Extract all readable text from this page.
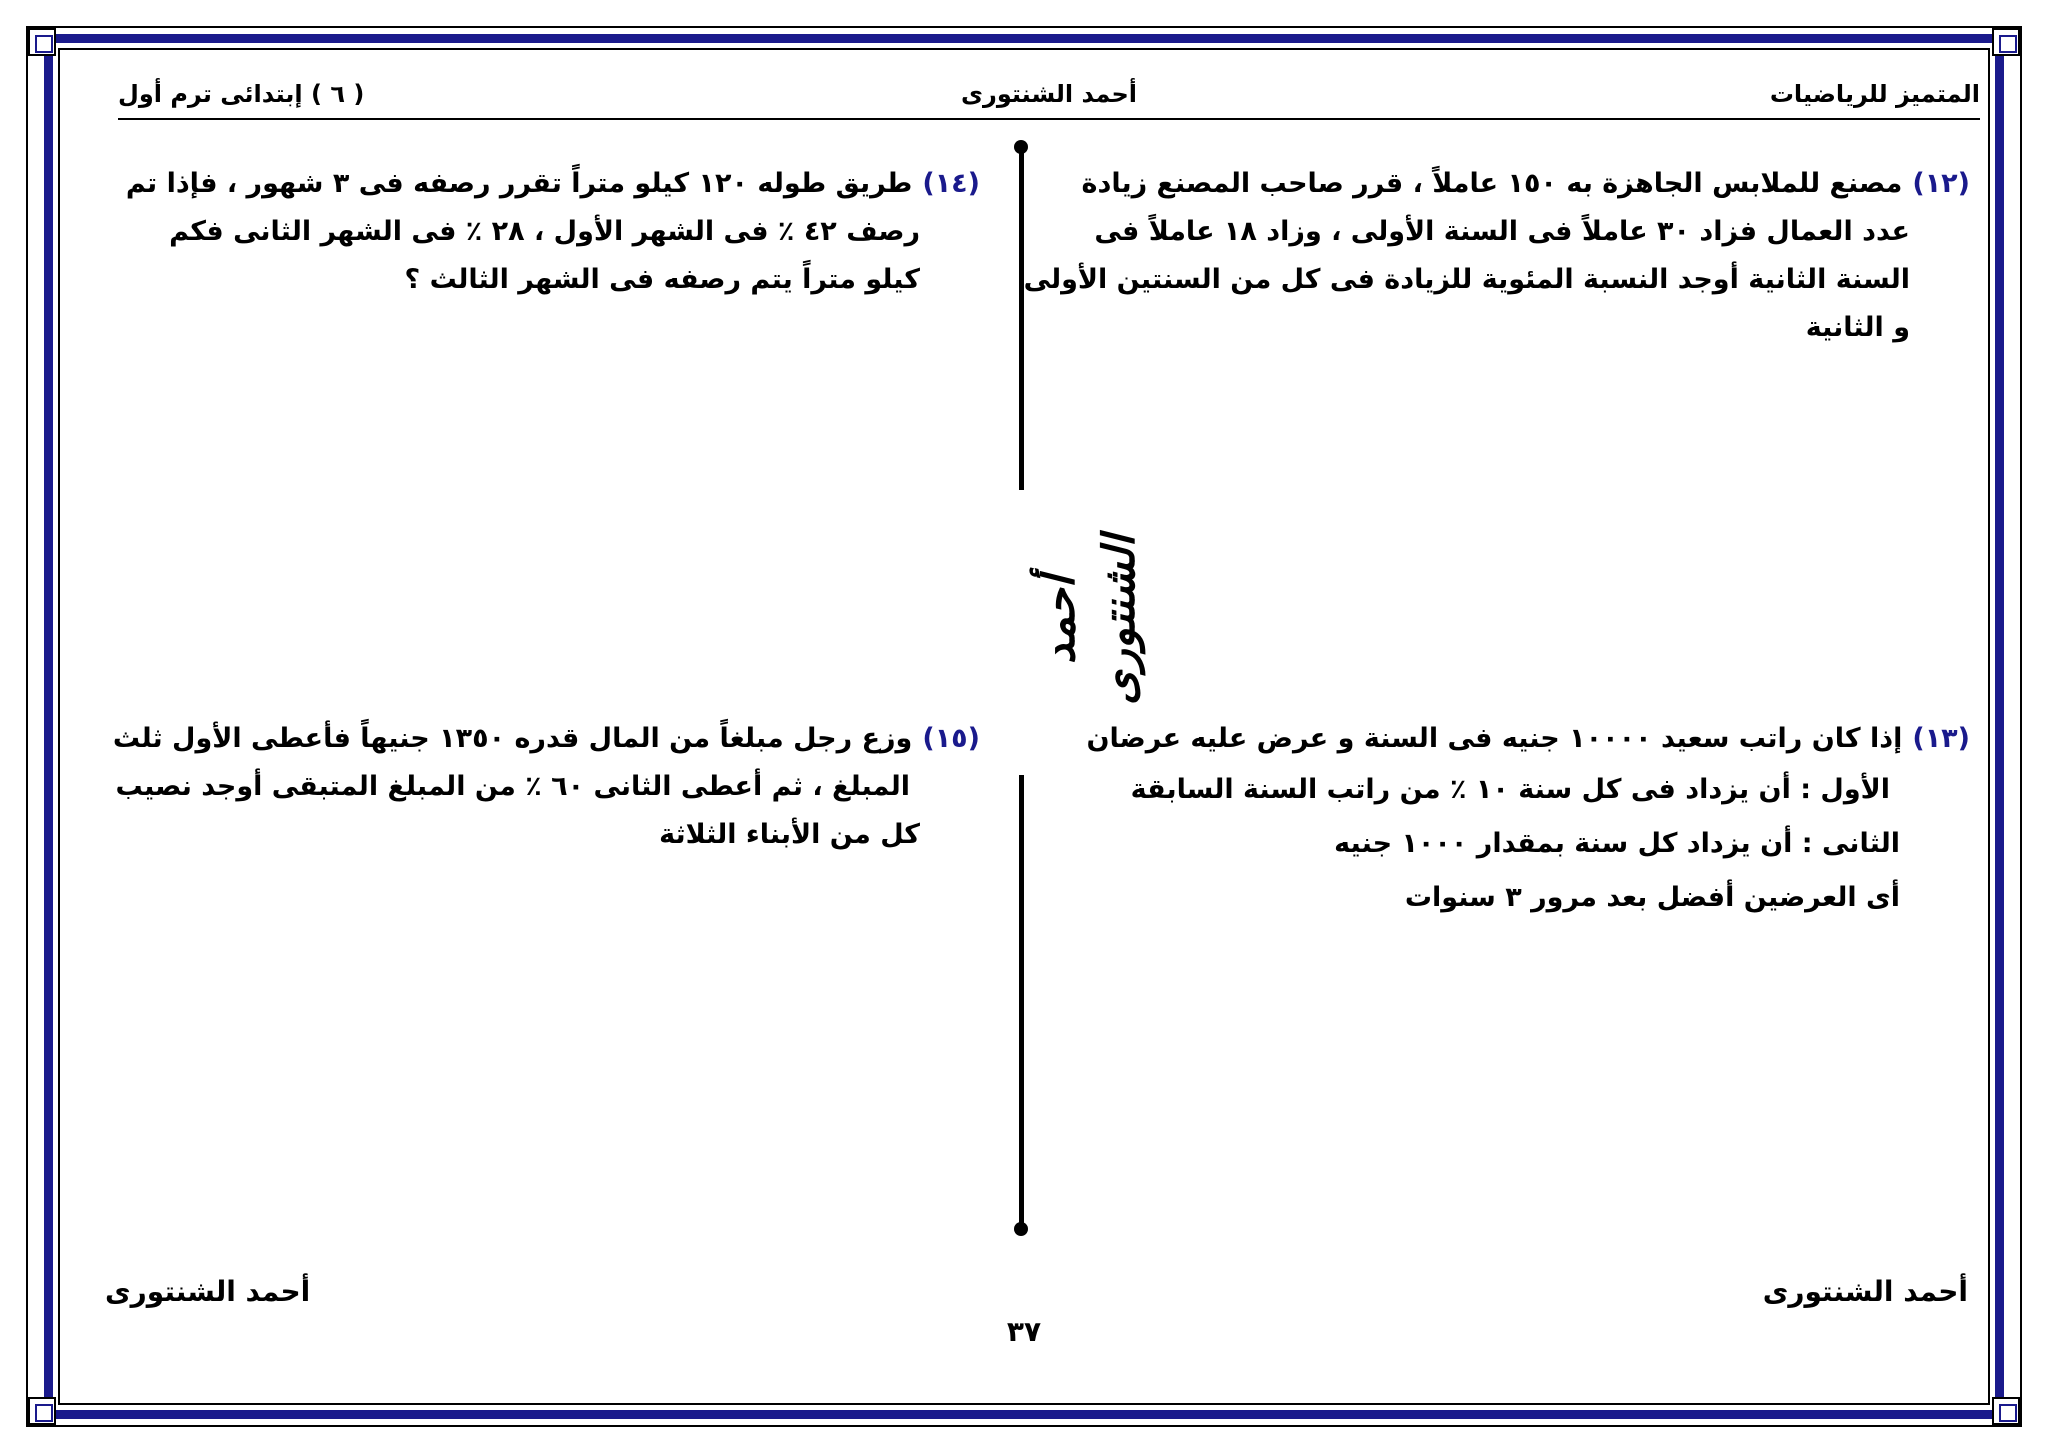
المتميز للرياضيات
أحمد الشنتورى
( ٦ ) إبتدائى ترم أول
(١٢)مصنع للملابس الجاهزة به ١٥٠ عاملاً ، قرر صاحب المصنع زيادة
عدد العمال فزاد ٣٠ عاملاً فى السنة الأولى ، وزاد ١٨ عاملاً فى
السنة الثانية أوجد النسبة المئوية للزيادة فى كل من السنتين الأولى
و الثانية
(١٤)طريق طوله ١٢٠ كيلو متراً تقرر رصفه فى ٣ شهور ، فإذا تم
رصف ٤٢ ٪ فى الشهر الأول ، ٢٨ ٪ فى الشهر الثانى فكم
كيلو متراً يتم رصفه فى الشهر الثالث ؟
(١٣)إذا كان راتب سعيد ١٠٠٠٠ جنيه فى السنة و عرض عليه عرضان
الأول : أن يزداد فى كل سنة ١٠ ٪ من راتب السنة السابقة
الثانى : أن يزداد كل سنة بمقدار ١٠٠٠ جنيه
أى العرضين أفضل بعد مرور ٣ سنوات
(١٥)وزع رجل مبلغاً من المال قدره ١٣٥٠ جنيهاً فأعطى الأول ثلث
المبلغ ، ثم أعطى الثانى ٦٠ ٪ من المبلغ المتبقى أوجد نصيب
كل من الأبناء الثلاثة
أحمد الشنتورى
أحمد الشنتورى
أحمد الشنتورى
٣٧
